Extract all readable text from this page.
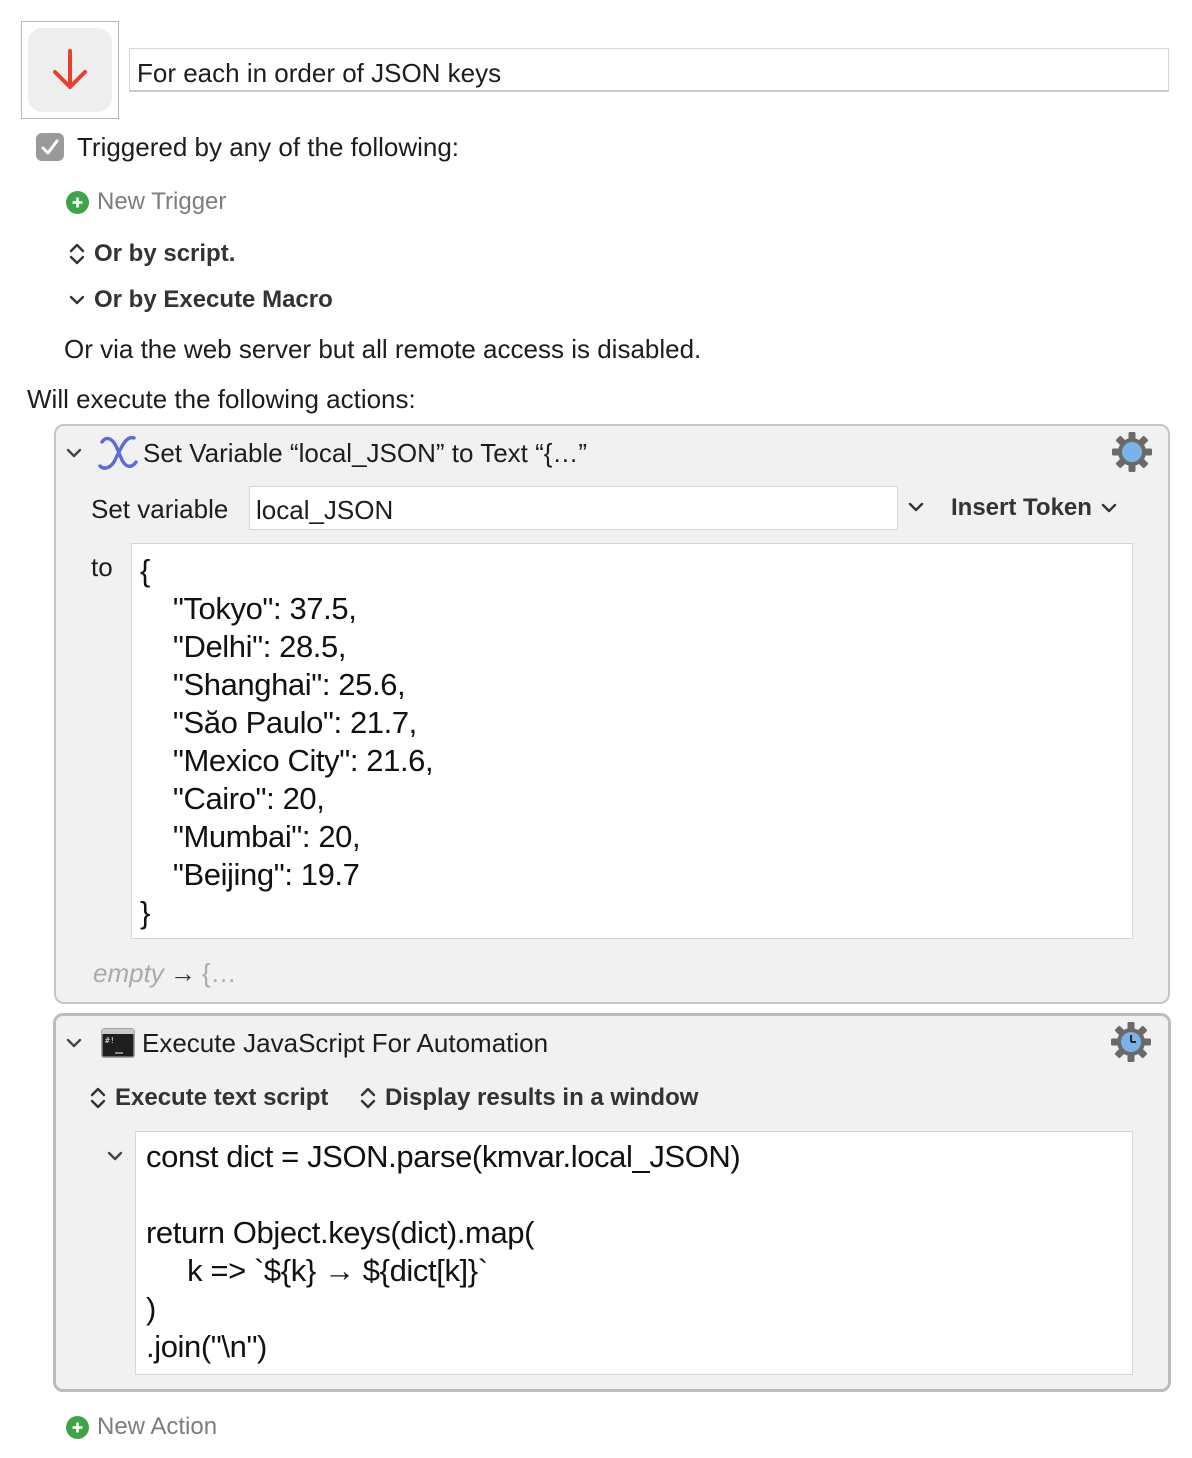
For each in order of JSON keys
Triggered by any of the following:
New Trigger
Or by script.
Or by Execute Macro
Or via the web server but all remote access is disabled.
Will execute the following actions:
Set Variable “local_JSON” to Text “{…”
Set variable local_JSON	Insert Token
to {
"Tokyo": 37.5,
"Delhi": 28.5,
"Shanghai": 25.6,
"Săo Paulo": 21.7,
"Mexico City": 21.6,
"Cairo": 20,
"Mumbai": 20,
"Beijing": 19.7
}
empty → {…
#! Execute JavaScript For Automation
Execute text script Display results in a window
const dict = JSON.parse(kmvar.local_JSON)

return Object.keys(dict).map(
k => `${k} → ${dict[k]}`
)
.join("\n")
New Action
